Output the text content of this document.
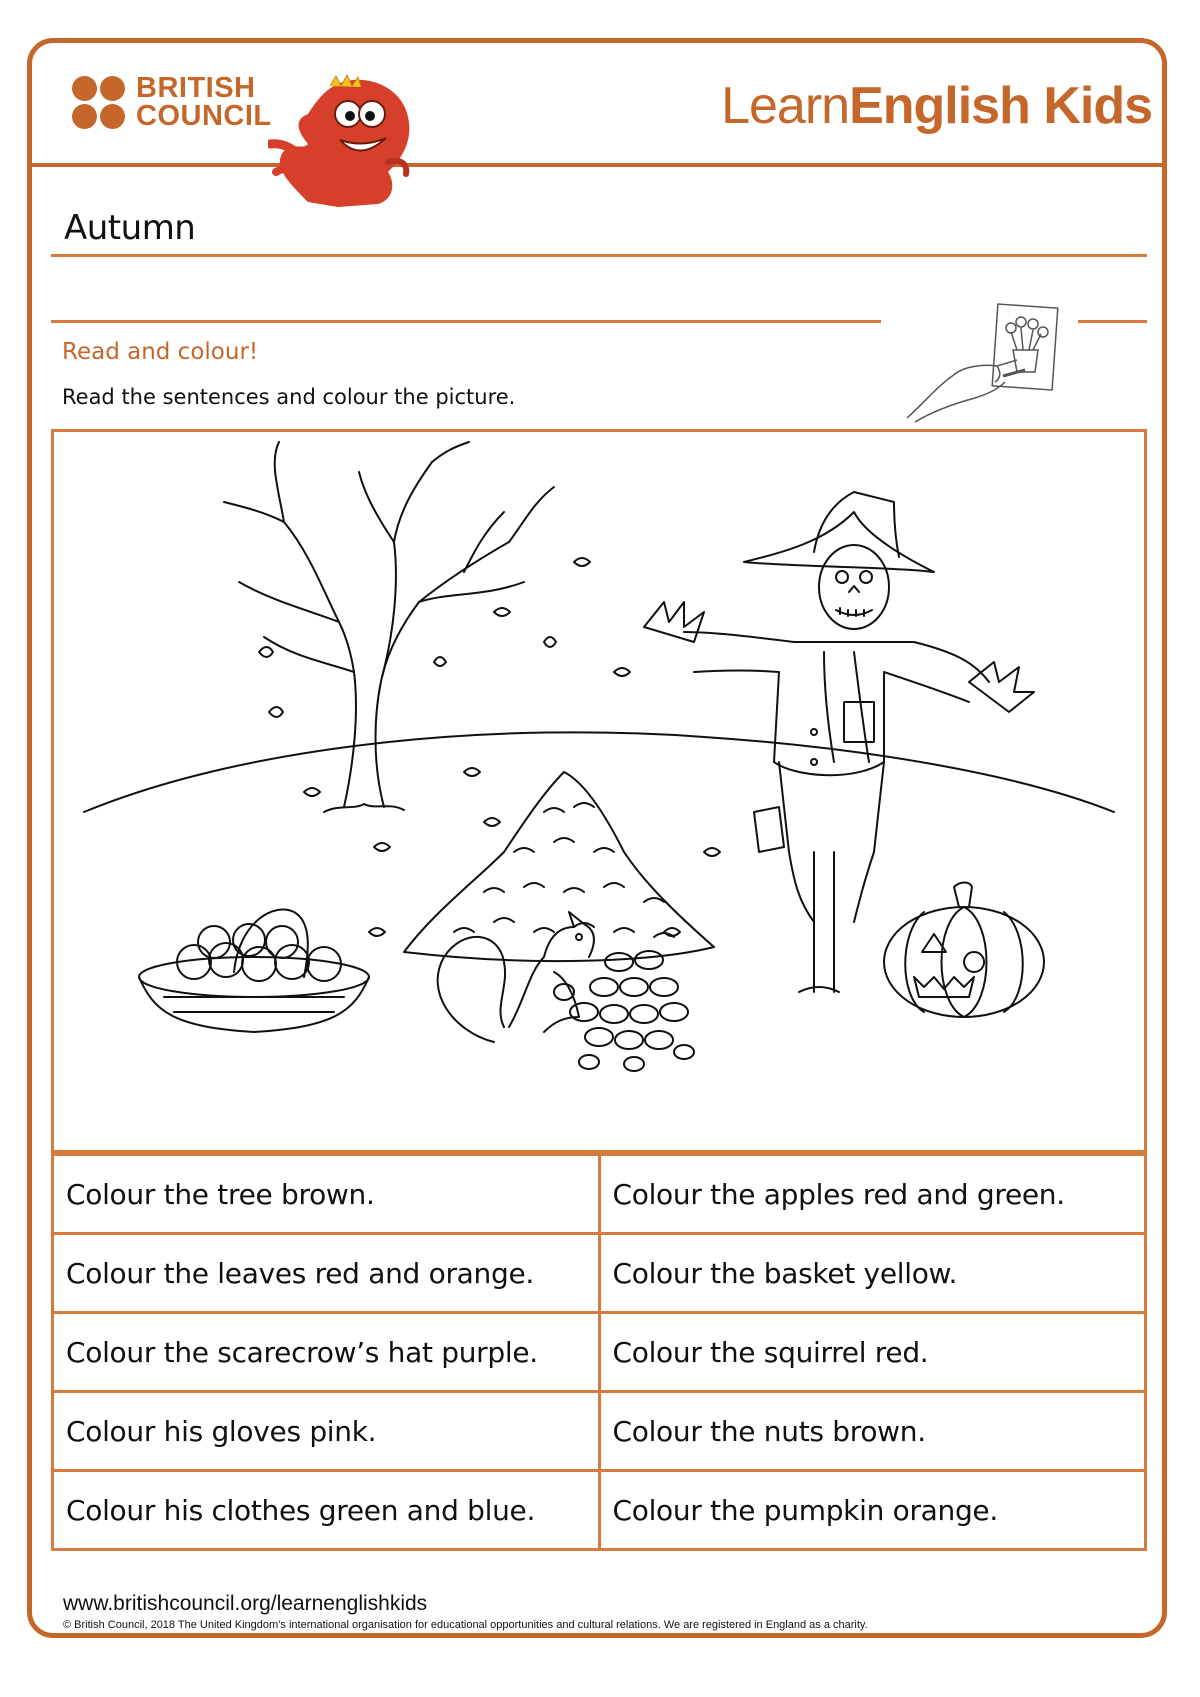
BRITISH
COUNCIL	LearnEnglish Kids
Autumn
Read and colour!
Read the sentences and colour the picture.
Colour the tree brown.	Colour the apples red and green.
Colour the leaves red and orange.	Colour the basket yellow.
Colour the scarecrow’s hat purple.	Colour the squirrel red.
Colour his gloves pink.	Colour the nuts brown.
Colour his clothes green and blue.	Colour the pumpkin orange.
www.britishcouncil.org/learnenglishkids
© British Council, 2018 The United Kingdom’s international organisation for educational opportunities and cultural relations. We are registered in England as a charity.
